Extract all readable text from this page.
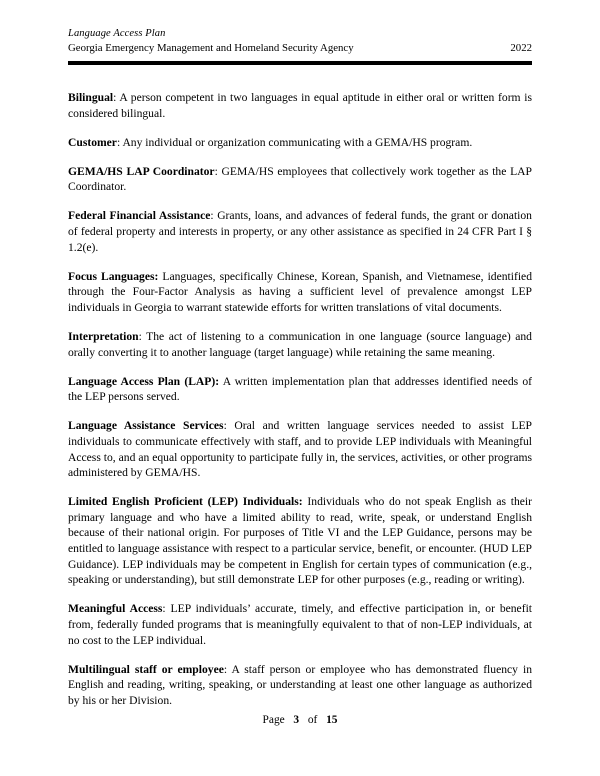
Language Access Plan
Georgia Emergency Management and Homeland Security Agency	2022

Bilingual: A person competent in two languages in equal aptitude in either oral or written form is considered bilingual.

Customer: Any individual or organization communicating with a GEMA/HS program.

GEMA/HS LAP Coordinator: GEMA/HS employees that collectively work together as the LAP Coordinator.

Federal Financial Assistance: Grants, loans, and advances of federal funds, the grant or donation of federal property and interests in property, or any other assistance as specified in 24 CFR Part I § 1.2(e).

Focus Languages: Languages, specifically Chinese, Korean, Spanish, and Vietnamese, identified through the Four-Factor Analysis as having a sufficient level of prevalence amongst LEP individuals in Georgia to warrant statewide efforts for written translations of vital documents.

Interpretation: The act of listening to a communication in one language (source language) and orally converting it to another language (target language) while retaining the same meaning.

Language Access Plan (LAP): A written implementation plan that addresses identified needs of the LEP persons served.

Language Assistance Services: Oral and written language services needed to assist LEP individuals to communicate effectively with staff, and to provide LEP individuals with Meaningful Access to, and an equal opportunity to participate fully in, the services, activities, or other programs administered by GEMA/HS.

Limited English Proficient (LEP) Individuals: Individuals who do not speak English as their primary language and who have a limited ability to read, write, speak, or understand English because of their national origin. For purposes of Title VI and the LEP Guidance, persons may be entitled to language assistance with respect to a particular service, benefit, or encounter. (HUD LEP Guidance). LEP individuals may be competent in English for certain types of communication (e.g., speaking or understanding), but still demonstrate LEP for other purposes (e.g., reading or writing).

Meaningful Access: LEP individuals’ accurate, timely, and effective participation in, or benefit from, federally funded programs that is meaningfully equivalent to that of non-LEP individuals, at no cost to the LEP individual.

Multilingual staff or employee: A staff person or employee who has demonstrated fluency in English and reading, writing, speaking, or understanding at least one other language as authorized by his or her Division.

Page 3 of 15
